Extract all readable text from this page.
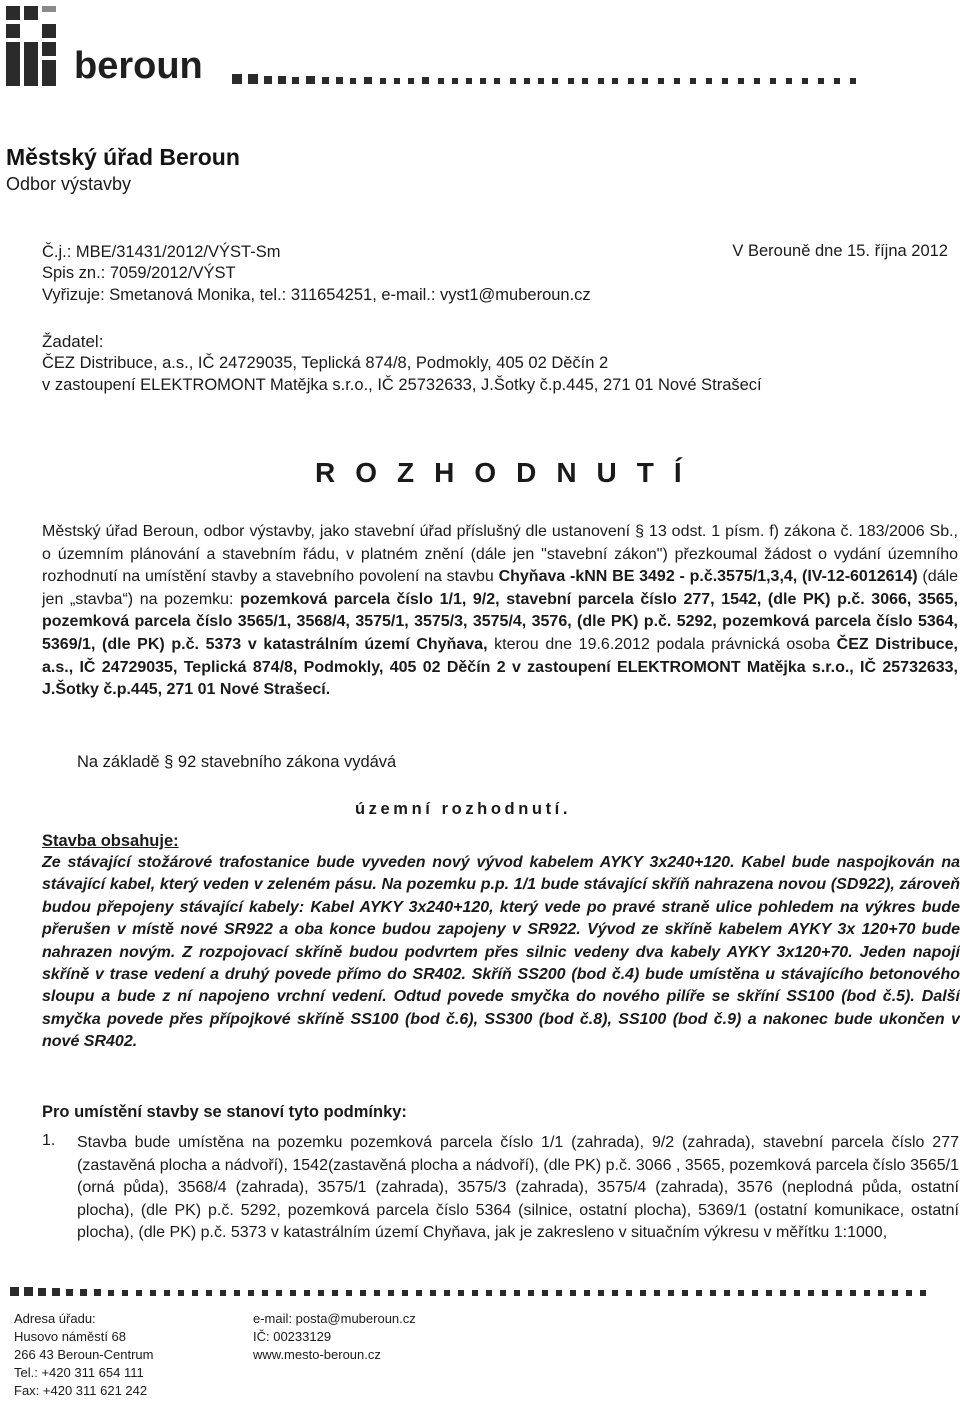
beroun
Městský úřad Beroun
Odbor výstavby
Č.j.: MBE/31431/2012/VÝST-Sm
Spis zn.: 7059/2012/VÝST
Vyřizuje: Smetanová Monika, tel.: 311654251, e-mail.: vyst1@muberoun.cz
V Berouně dne 15. října 2012
Žadatel:
ČEZ Distribuce, a.s., IČ 24729035, Teplická 874/8, Podmokly, 405 02 Děčín 2
v zastoupení ELEKTROMONT Matějka s.r.o., IČ 25732633, J.Šotky č.p.445, 271 01 Nové Strašecí
ROZHODNUTÍ
Městský úřad Beroun, odbor výstavby, jako stavební úřad příslušný dle ustanovení § 13 odst. 1 písm. f) zákona č. 183/2006 Sb., o územním plánování a stavebním řádu, v platném znění (dále jen "stavební zákon") přezkoumal žádost o vydání územního rozhodnutí na umístění stavby a stavebního povolení na stavbu Chyňava -kNN BE 3492 - p.č.3575/1,3,4, (IV-12-6012614) (dále jen „stavba“) na pozemku: pozemková parcela číslo 1/1, 9/2, stavební parcela číslo 277, 1542, (dle PK) p.č. 3066, 3565, pozemková parcela číslo 3565/1, 3568/4, 3575/1, 3575/3, 3575/4, 3576, (dle PK) p.č. 5292, pozemková parcela číslo 5364, 5369/1, (dle PK) p.č. 5373 v katastrálním území Chyňava, kterou dne 19.6.2012 podala právnická osoba ČEZ Distribuce, a.s., IČ 24729035, Teplická 874/8, Podmokly, 405 02 Děčín 2 v zastoupení ELEKTROMONT Matějka s.r.o., IČ 25732633, J.Šotky č.p.445, 271 01 Nové Strašecí.
Na základě § 92 stavebního zákona vydává
územní rozhodnutí.
Stavba obsahuje:
Ze stávající stožárové trafostanice bude vyveden nový vývod kabelem AYKY 3x240+120. Kabel bude naspojkován na stávající kabel, který veden v zeleném pásu. Na pozemku p.p. 1/1 bude stávající skříň nahrazena novou (SD922), zároveň budou přepojeny stávající kabely: Kabel AYKY 3x240+120, který vede po pravé straně ulice pohledem na výkres bude přerušen v místě nové SR922 a oba konce budou zapojeny v SR922. Vývod ze skříně kabelem AYKY 3x 120+70 bude nahrazen novým. Z rozpojovací skříně budou podvrtem přes silnic vedeny dva kabely AYKY 3x120+70. Jeden napojí skříně v trase vedení a druhý povede přímo do SR402. Skříň SS200 (bod č.4) bude umístěna u stávajícího betonového sloupu a bude z ní napojeno vrchní vedení. Odtud povede smyčka do nového pilíře se skříní SS100 (bod č.5). Další smyčka povede přes přípojkové skříně SS100 (bod č.6), SS300 (bod č.8), SS100 (bod č.9) a nakonec bude ukončen v nové SR402.
Pro umístění stavby se stanoví tyto podmínky:
1. Stavba bude umístěna na pozemku pozemková parcela číslo 1/1 (zahrada), 9/2 (zahrada), stavební parcela číslo 277 (zastavěná plocha a nádvoří), 1542(zastavěná plocha a nádvoří), (dle PK) p.č. 3066 , 3565, pozemková parcela číslo 3565/1 (orná půda), 3568/4 (zahrada), 3575/1 (zahrada), 3575/3 (zahrada), 3575/4 (zahrada), 3576 (neplodná půda, ostatní plocha), (dle PK) p.č. 5292, pozemková parcela číslo 5364 (silnice, ostatní plocha), 5369/1 (ostatní komunikace, ostatní plocha), (dle PK) p.č. 5373 v katastrálním území Chyňava, jak je zakresleno v situačním výkresu v měřítku 1:1000,
Adresa úřadu:
Husovo náměstí 68
266 43 Beroun-Centrum
Tel.: +420 311 654 111
Fax: +420 311 621 242
e-mail: posta@muberoun.cz
IČ: 00233129
www.mesto-beroun.cz
